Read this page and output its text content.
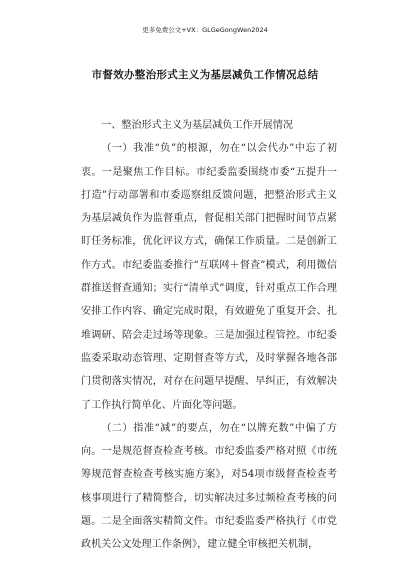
更多免费公文+VX：GLGeGongWen2024
市督效办整治形式主义为基层减负工作情况总结

一、整治形式主义为基层减负工作开展情况

（一）我准“负”的根源，勿在“以会代办”中忘了初衷。一是聚焦工作目标。市纪委监委围绕市委“五提升一打造”行动部署和市委巡察组反馈问题，把整治形式主义为基层减负作为监督重点，督促相关部门把握时间节点紧盯任务标准，优化评议方式，确保工作质量。二是创新工作方式。市纪委监委推行“互联网＋督查”模式，利用微信群推送督查通知；实行“清单式”调度，针对重点工作合理安排工作内容、确定完成时限，有效避免了重复开会、扎堆调研、陪会走过场等现象。三是加强过程管控。市纪委监委采取动态管理、定期督查等方式，及时掌握各地各部门贯彻落实情况，对存在问题早提醒、早纠正，有效解决了工作执行简单化、片面化等问题。

（二）指准“减”的要点，勿在“以牌充数”中偏了方向。一是规范督查检查考核。市纪委监委严格对照《市统筹规范督查检查考核实施方案》，对54项市级督查检查考核事项进行了精简整合，切实解决过多过频检查考核的问题。二是全面落实精简文件。市纪委监委严格执行《市党政机关公文处理工作条例》，建立健全审核把关机制，
